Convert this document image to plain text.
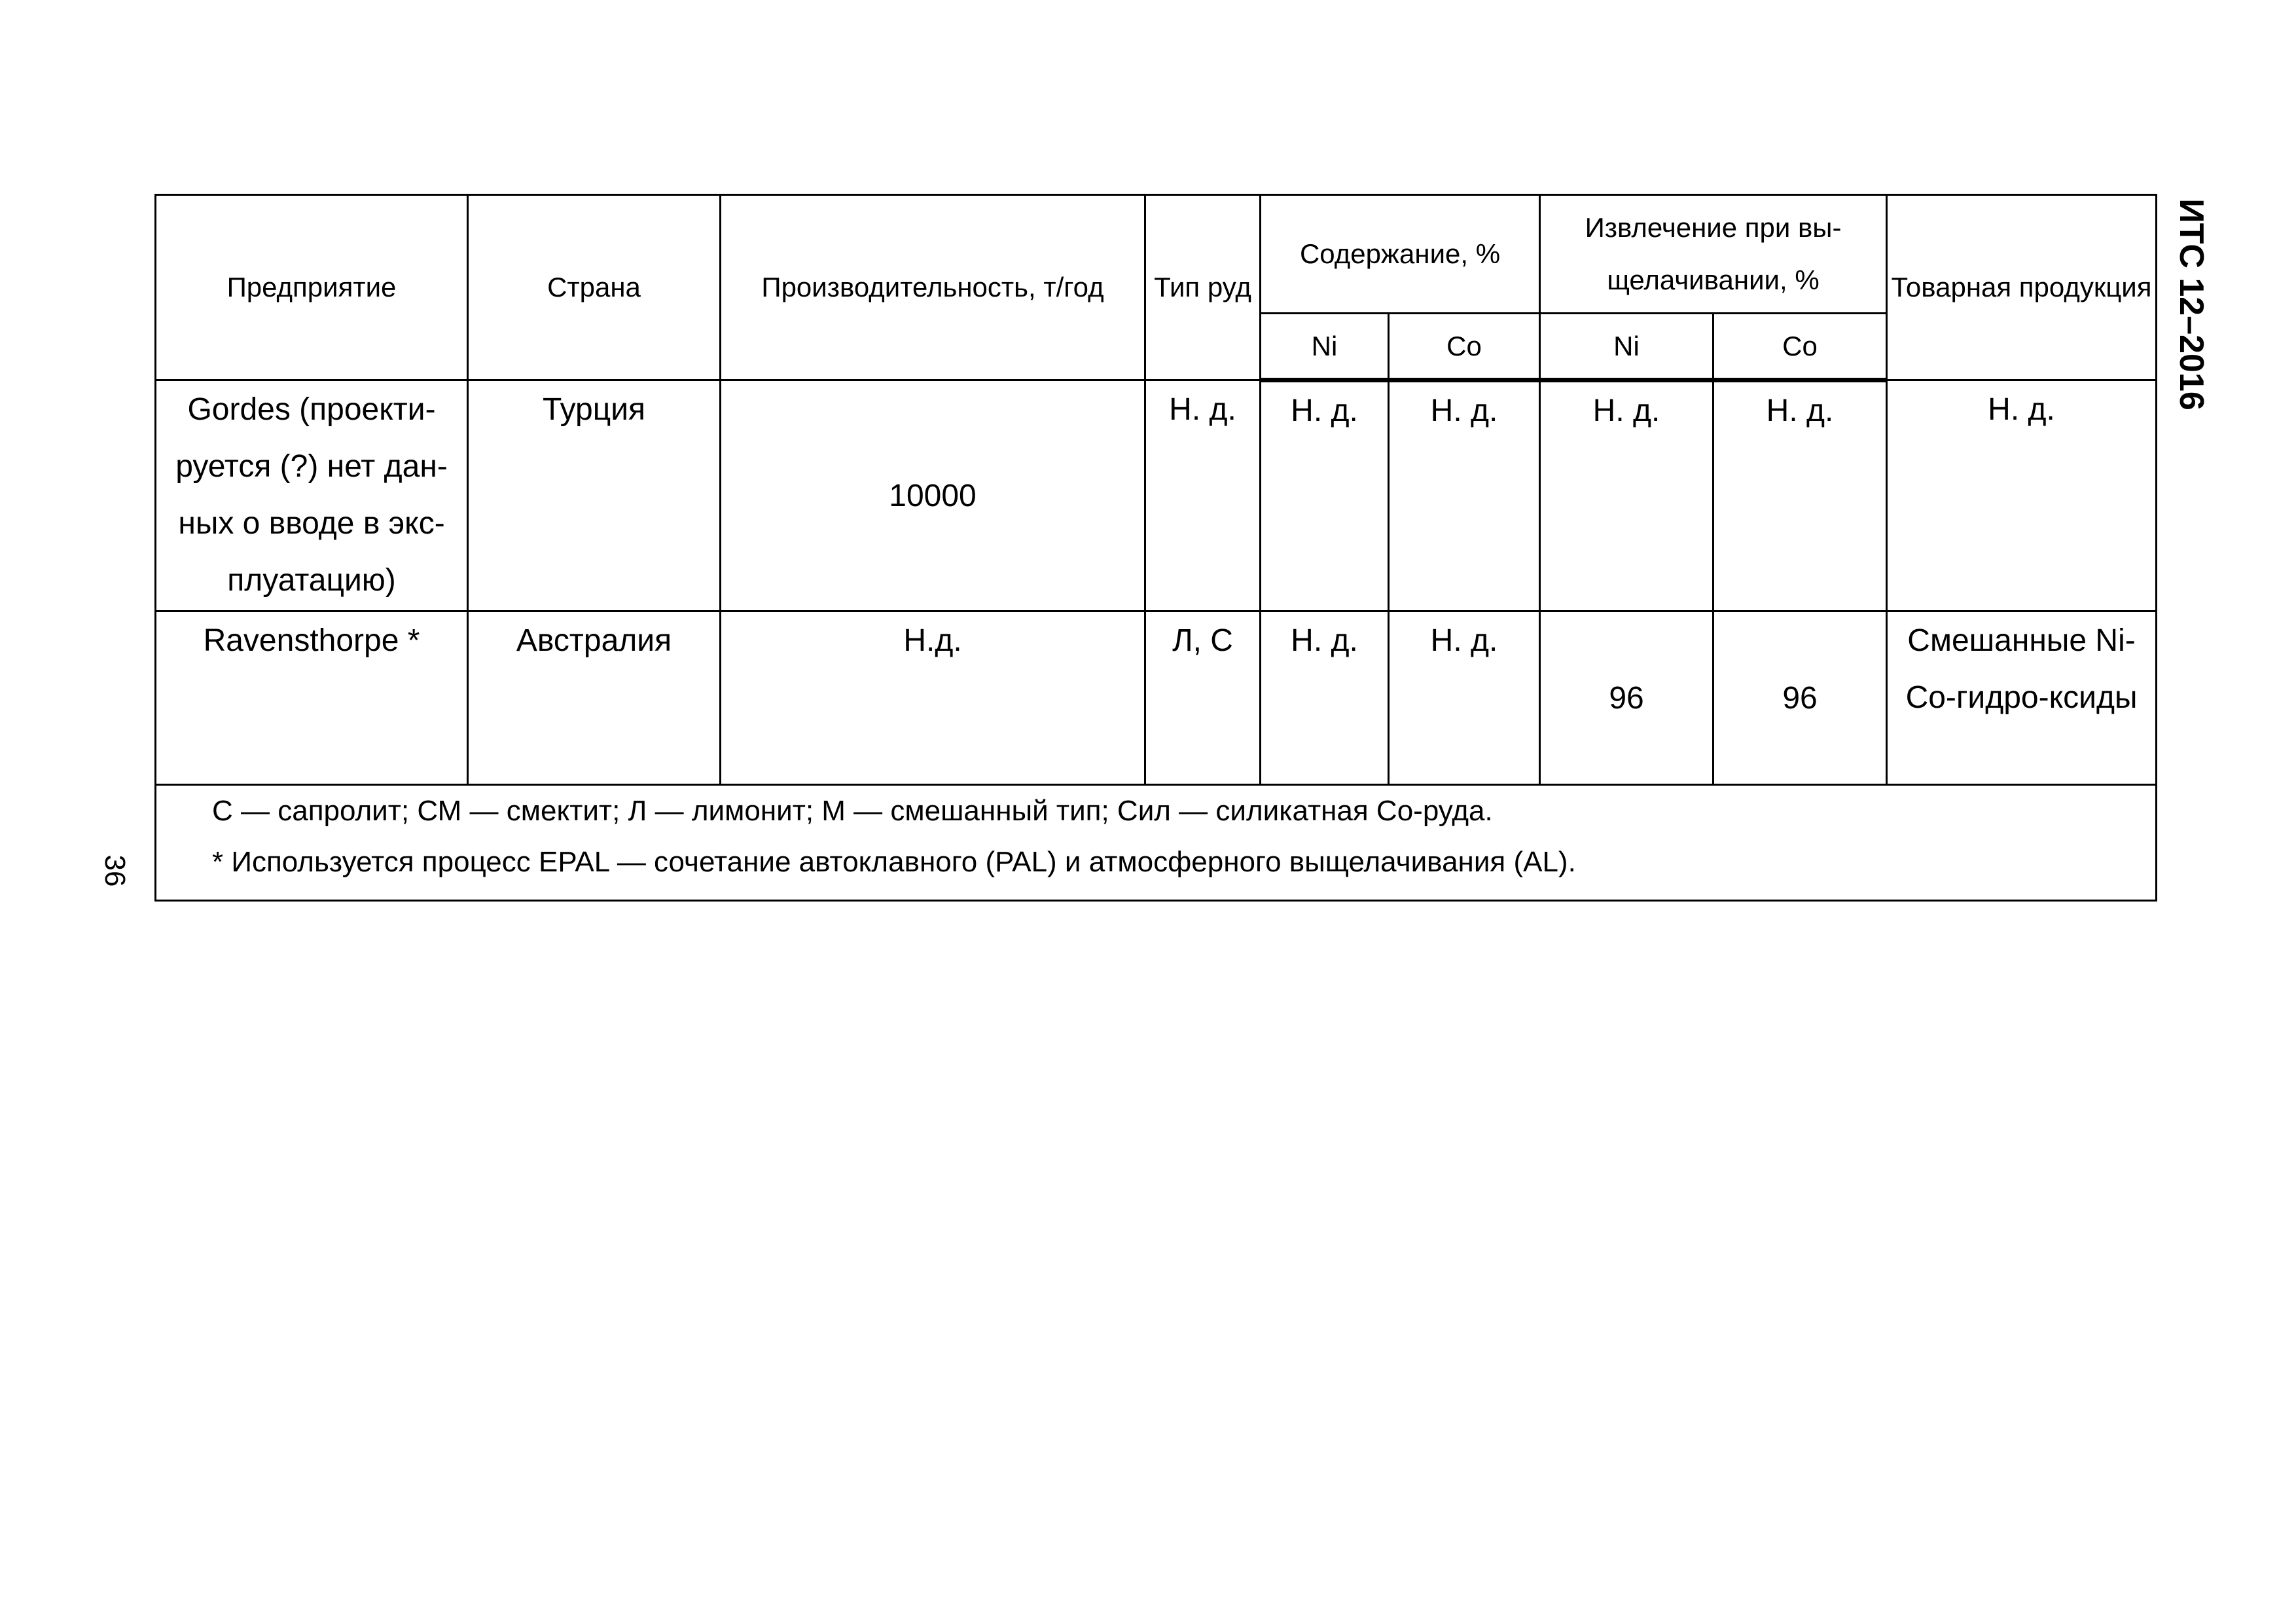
ИТС 12–2016
36
Предприятие	Страна	Производительность, т/год	Тип руд	Содержание, %		Извлечение при вы-щелачивании, %		Товарная продукция
				Ni	Co	Ni	Co	
Gordes (проекти-руется (?) нет дан-ных о вводе в экс-плуатацию)	Турция	10000	Н. д.	Н. д.	Н. д.	Н. д.	Н. д.	Н. д.
Ravensthorpe *	Австралия	Н.д.	Л, С	Н. д.	Н. д.	96	96	Смешанные Ni-Co-гидро-ксиды

С — сапролит; СМ — смектит; Л — лимонит; М — смешанный тип; Сил — силикатная Со-руда.
* Используется процесс EPAL — сочетание автоклавного (PAL) и атмосферного выщелачивания (AL).								
